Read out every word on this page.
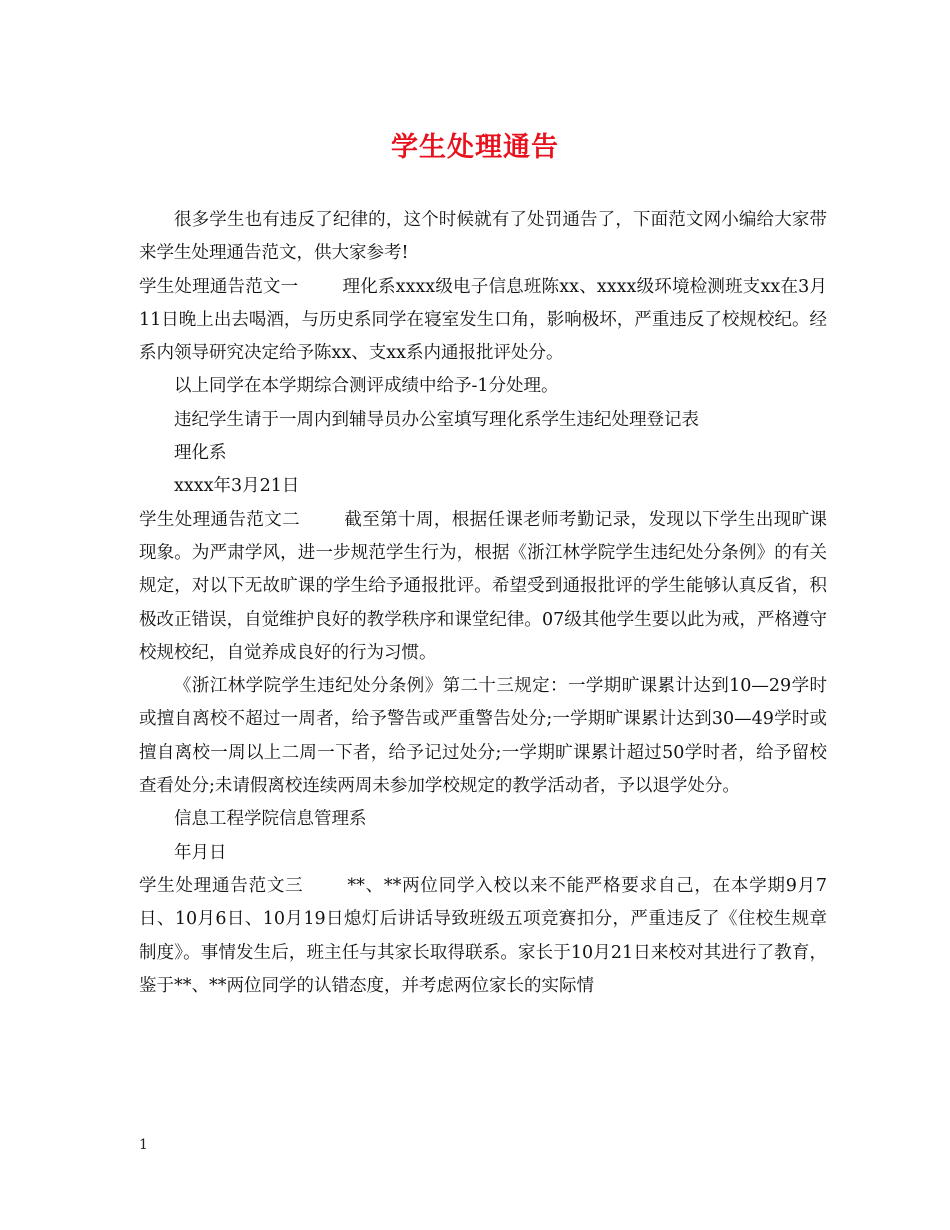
学生处理通告

很多学生也有违反了纪律的，这个时候就有了处罚通告了，下面范文网小编给大家带来学生处理通告范文，供大家参考!

学生处理通告范文一	理化系xxxx级电子信息班陈xx、xxxx级环境检测班支xx在3月11日晚上出去喝酒，与历史系同学在寝室发生口角，影响极坏，严重违反了校规校纪。经系内领导研究决定给予陈xx、支xx系内通报批评处分。

以上同学在本学期综合测评成绩中给予-1分处理。

违纪学生请于一周内到辅导员办公室填写理化系学生违纪处理登记表

理化系

xxxx年3月21日

学生处理通告范文二	截至第十周，根据任课老师考勤记录，发现以下学生出现旷课现象。为严肃学风，进一步规范学生行为，根据《浙江林学院学生违纪处分条例》的有关规定，对以下无故旷课的学生给予通报批评。希望受到通报批评的学生能够认真反省，积极改正错误，自觉维护良好的教学秩序和课堂纪律。07级其他学生要以此为戒，严格遵守校规校纪，自觉养成良好的行为习惯。

《浙江林学院学生违纪处分条例》第二十三规定：一学期旷课累计达到10—29学时或擅自离校不超过一周者，给予警告或严重警告处分;一学期旷课累计达到30—49学时或擅自离校一周以上二周一下者，给予记过处分;一学期旷课累计超过50学时者，给予留校查看处分;未请假离校连续两周未参加学校规定的教学活动者，予以退学处分。

信息工程学院信息管理系

年月日

学生处理通告范文三	**、**两位同学入校以来不能严格要求自己，在本学期9月7日、10月6日、10月19日熄灯后讲话导致班级五项竞赛扣分，严重违反了《住校生规章制度》。事情发生后，班主任与其家长取得联系。家长于10月21日来校对其进行了教育，鉴于**、**两位同学的认错态度，并考虑两位家长的实际情

1
